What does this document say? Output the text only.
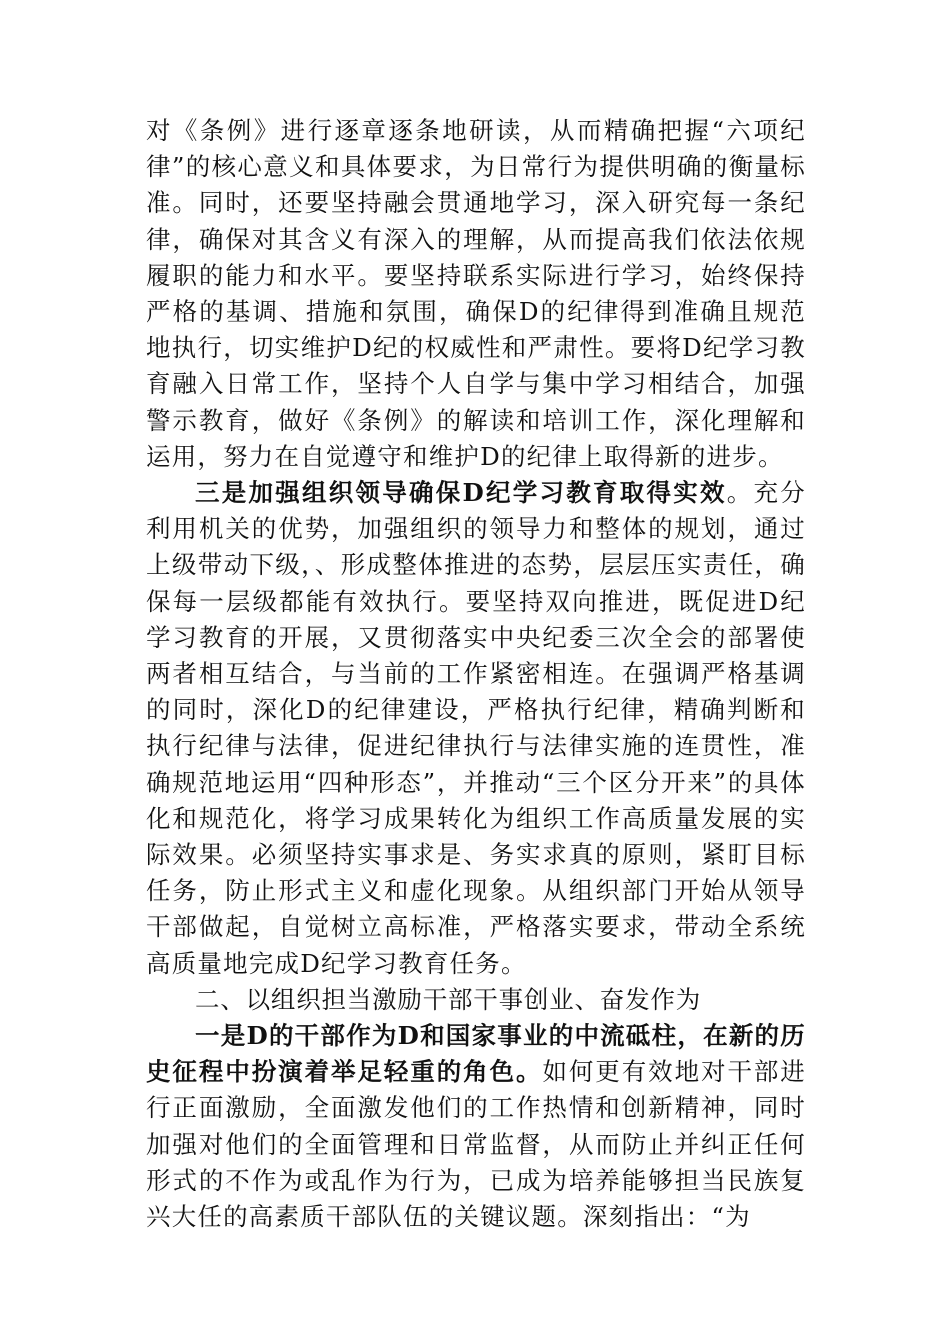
对《条例》进行逐章逐条地研读，从而精确把握“六项纪律”的核心意义和具体要求，为日常行为提供明确的衡量标准。同时，还要坚持融会贯通地学习，深入研究每一条纪律，确保对其含义有深入的理解，从而提高我们依法依规履职的能力和水平。要坚持联系实际进行学习，始终保持严格的基调、措施和氛围，确保D的纪律得到准确且规范地执行，切实维护D纪的权威性和严肃性。要将D纪学习教育融入日常工作，坚持个人自学与集中学习相结合，加强警示教育，做好《条例》的解读和培训工作，深化理解和运用，努力在自觉遵守和维护D的纪律上取得新的进步。

三是加强组织领导确保D纪学习教育取得实效。充分利用机关的优势，加强组织的领导力和整体的规划，通过上级带动下级，、形成整体推进的态势，层层压实责任，确保每一层级都能有效执行。要坚持双向推进，既促进D纪学习教育的开展，又贯彻落实中央纪委三次全会的部署使两者相互结合，与当前的工作紧密相连。在强调严格基调的同时，深化D的纪律建设，严格执行纪律，精确判断和执行纪律与法律，促进纪律执行与法律实施的连贯性，准确规范地运用“四种形态”，并推动“三个区分开来”的具体化和规范化，将学习成果转化为组织工作高质量发展的实际效果。必须坚持实事求是、务实求真的原则，紧盯目标任务，防止形式主义和虚化现象。从组织部门开始从领导干部做起，自觉树立高标准，严格落实要求，带动全系统高质量地完成D纪学习教育任务。

二、以组织担当激励干部干事创业、奋发作为

一是D的干部作为D和国家事业的中流砥柱，在新的历史征程中扮演着举足轻重的角色。如何更有效地对干部进行正面激励，全面激发他们的工作热情和创新精神，同时加强对他们的全面管理和日常监督，从而防止并纠正任何形式的不作为或乱作为行为，已成为培养能够担当民族复兴大任的高素质干部队伍的关键议题。深刻指出：“为
